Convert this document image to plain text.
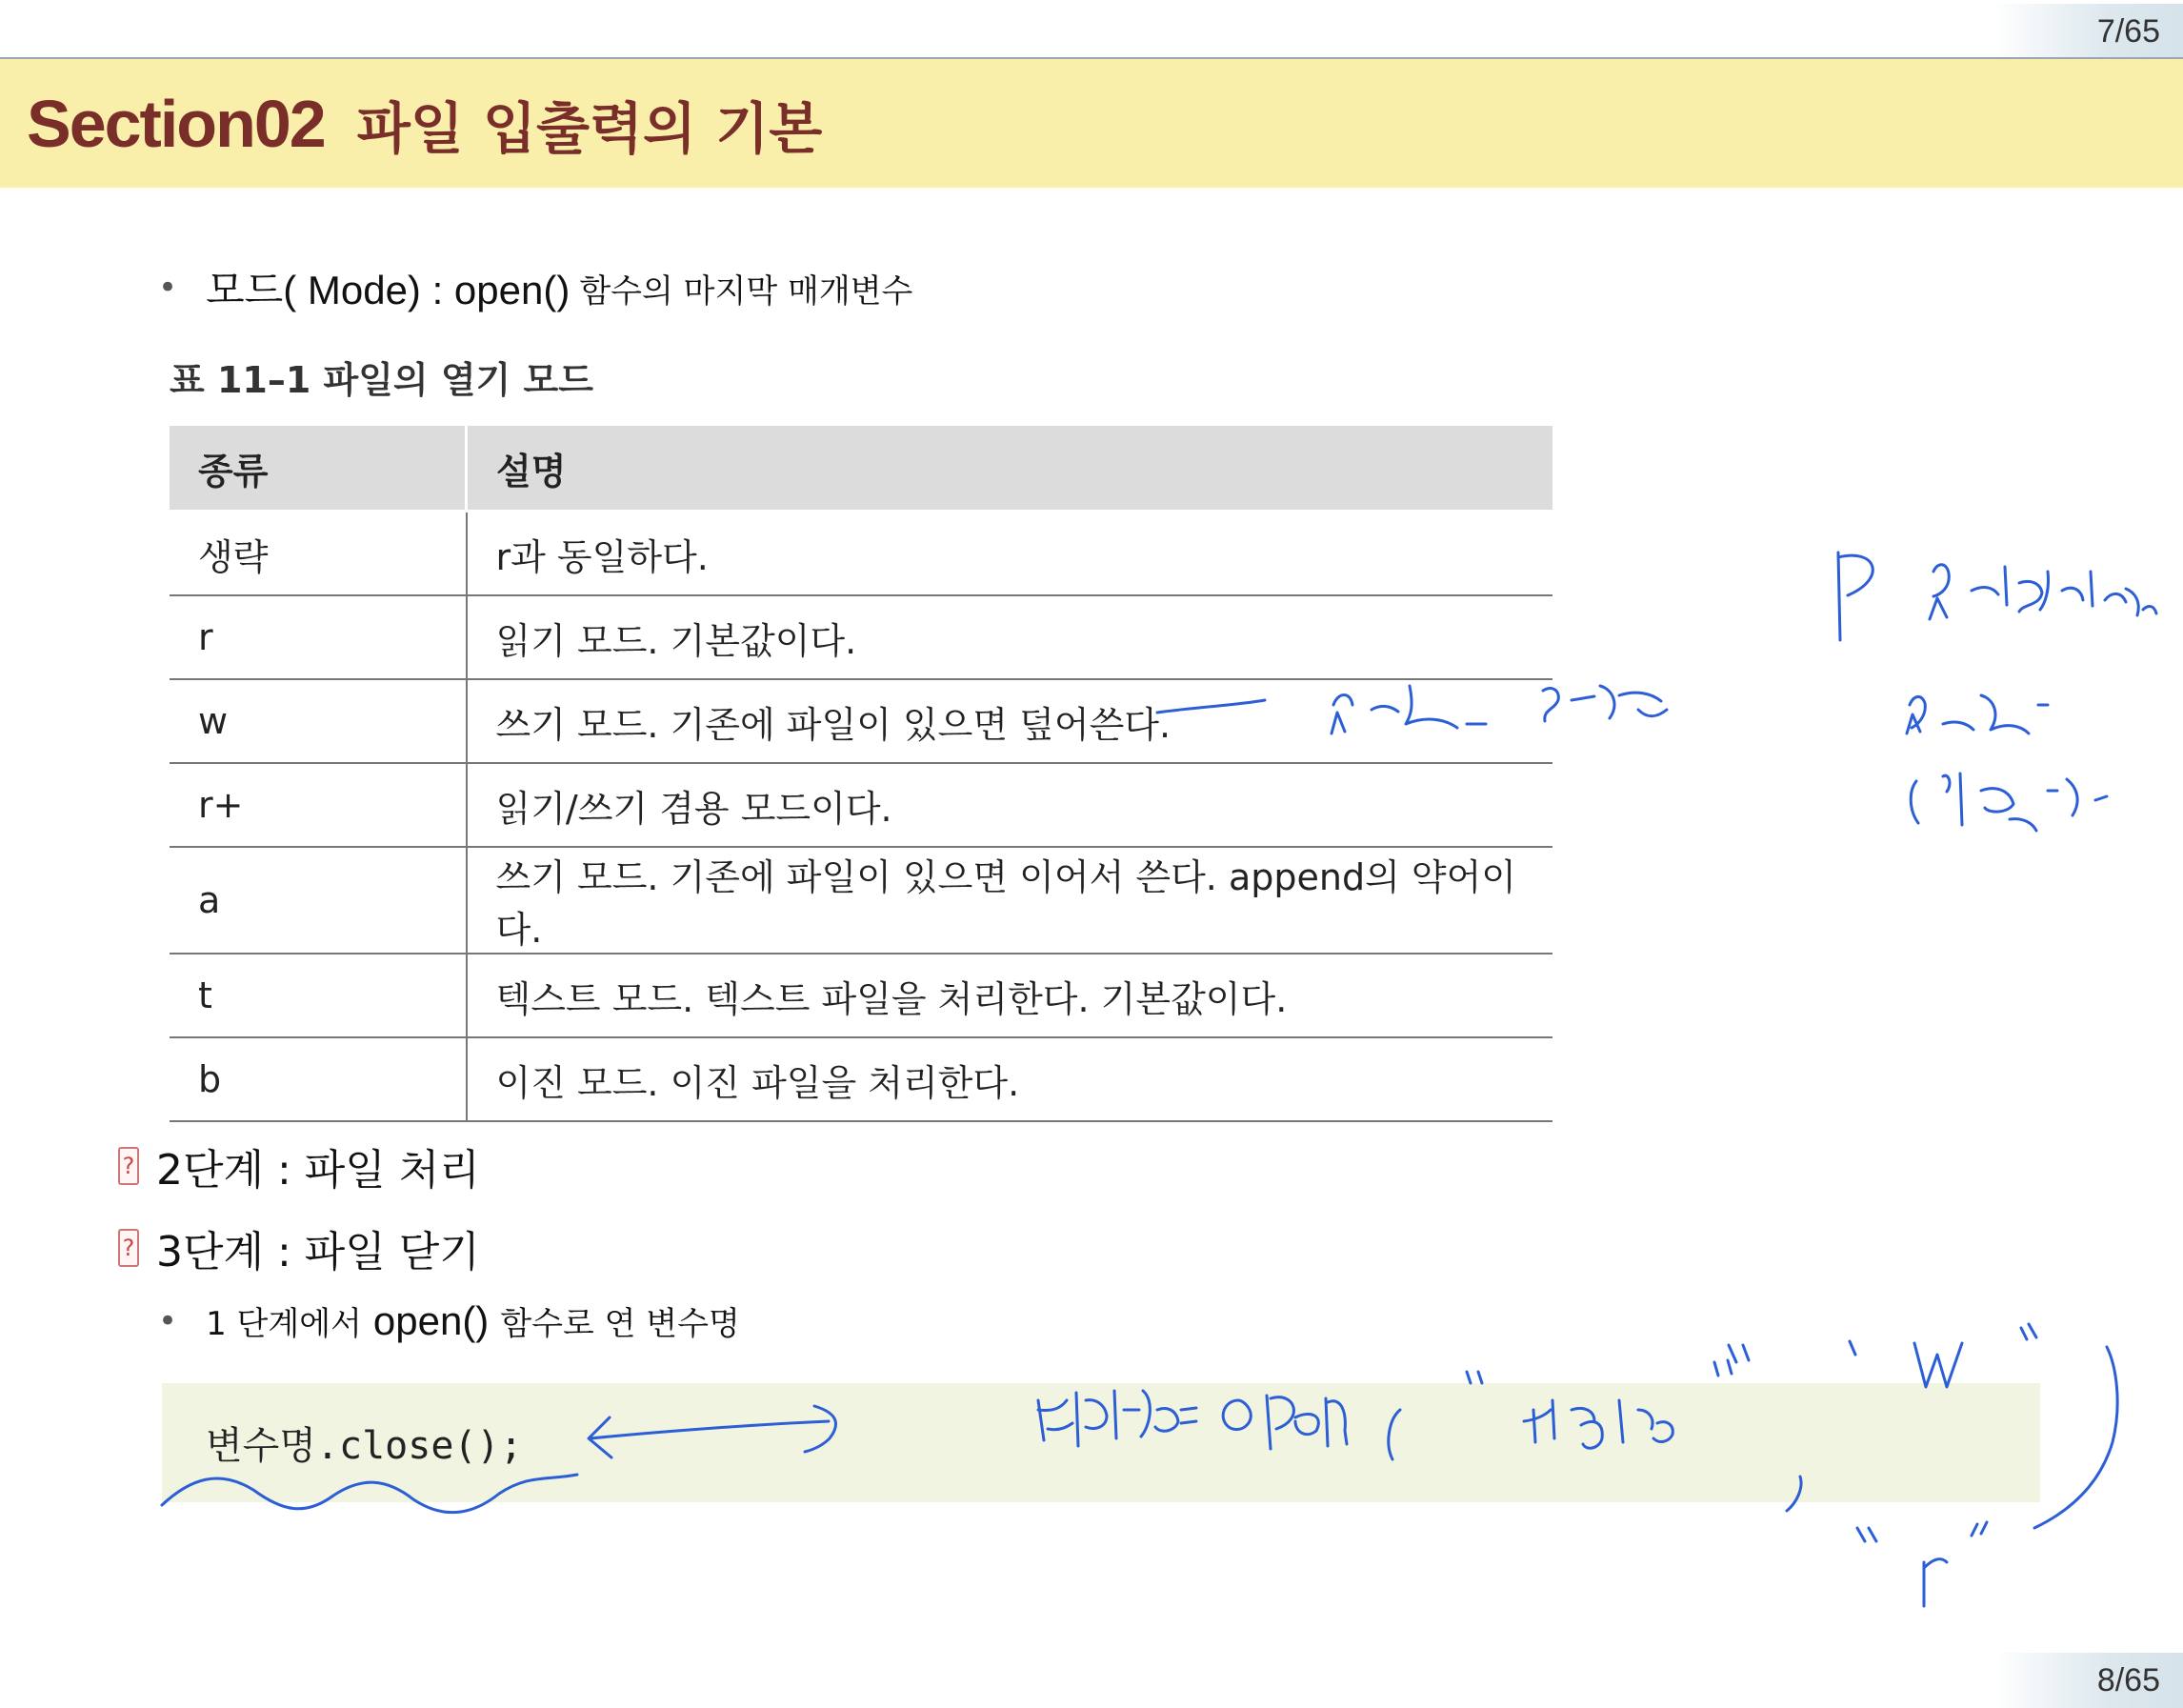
7/65
Section02 파일 입출력의 기본
• 모드( Mode) : open() 함수의 마지막 매개변수
표 11–1 파일의 열기 모드
종류	설명
생략	r과 동일하다.
r	읽기 모드. 기본값이다.
w	쓰기 모드. 기존에 파일이 있으면 덮어쓴다.
r+	읽기/쓰기 겸용 모드이다.
a	쓰기 모드. 기존에 파일이 있으면 이어서 쓴다. append의 약어이다.
t	텍스트 모드. 텍스트 파일을 처리한다. 기본값이다.
b	이진 모드. 이진 파일을 처리한다.
? 2단계 : 파일 처리
? 3단계 : 파일 닫기
• 1 단계에서 open() 함수로 연 변수명
변수명.close();
8/65
